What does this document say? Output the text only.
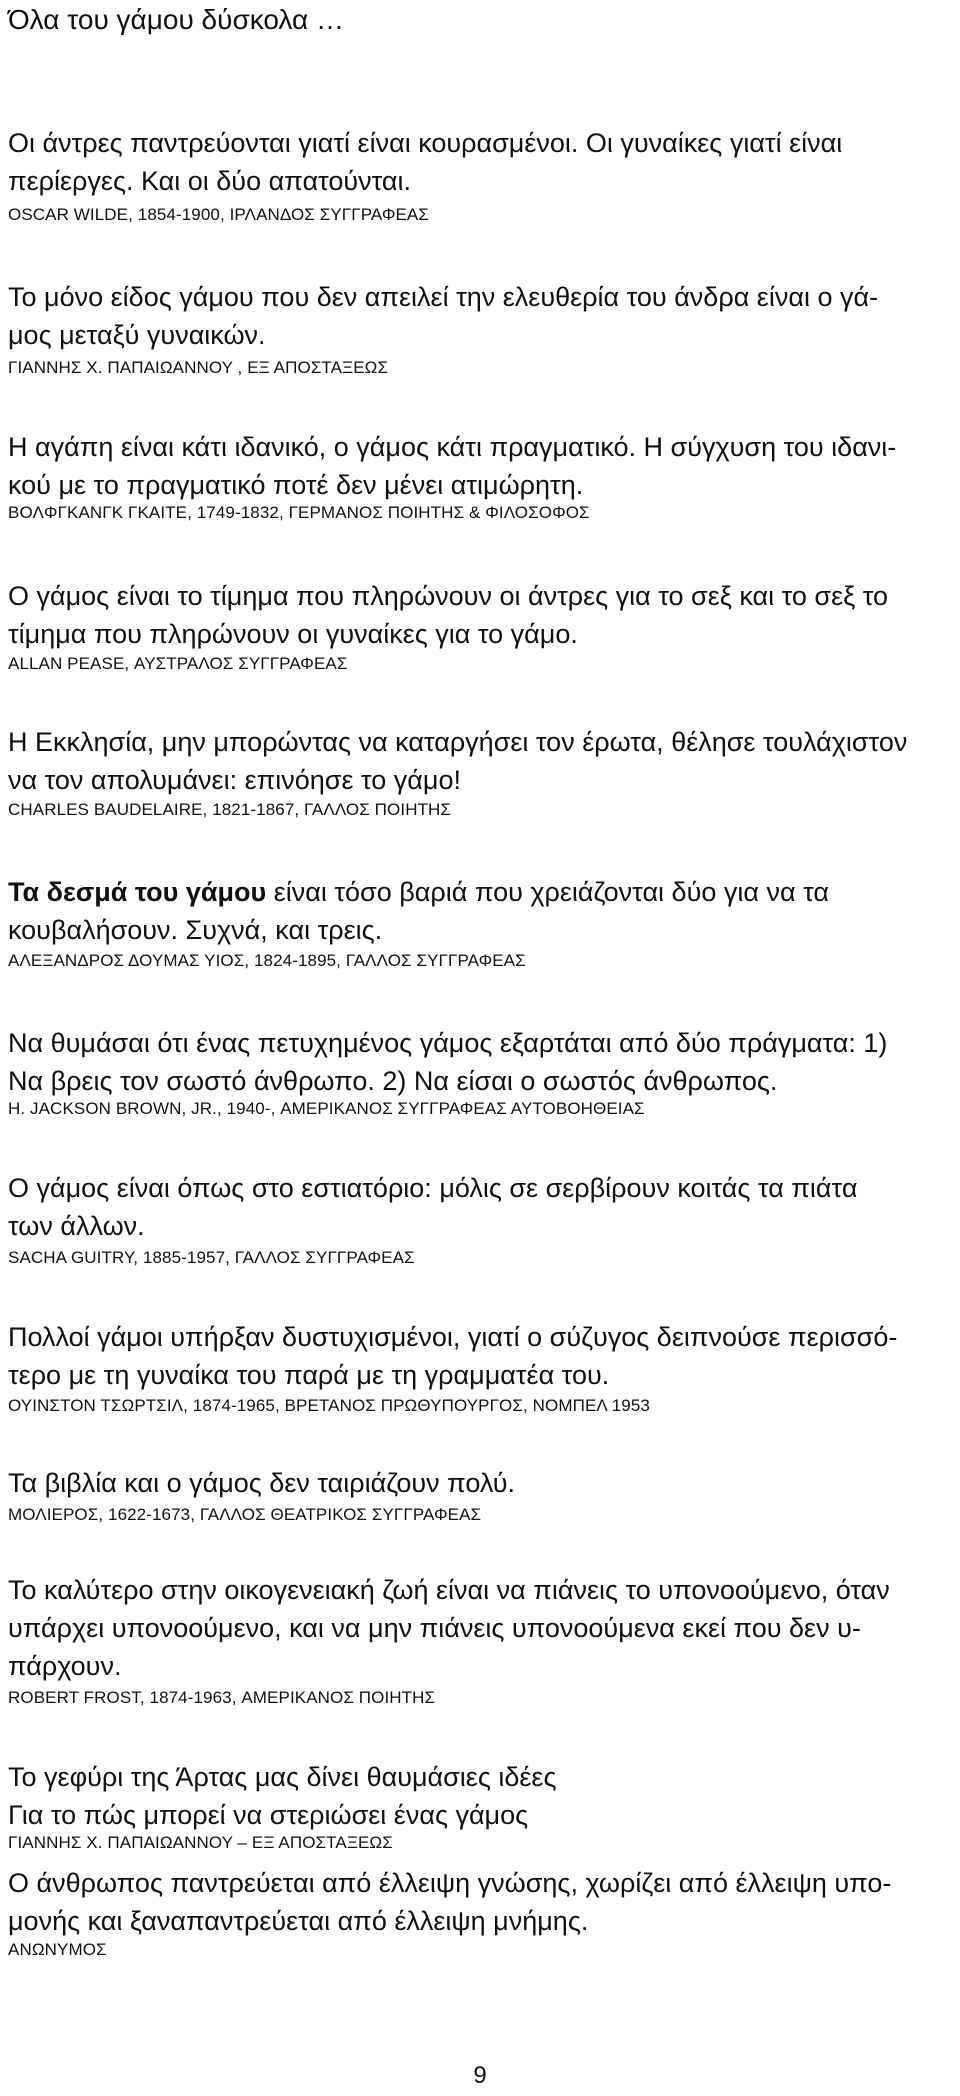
Όλα του γάμου δύσκολα …
Οι άντρες παντρεύονται γιατί είναι κουρασμένοι. Οι γυναίκες γιατί είναι
περίεργες. Και οι δύο απατούνται.
OSCAR WILDE, 1854-1900, ΙΡΛΑΝΔΟΣ ΣΥΓΓΡΑΦΕΑΣ
Το μόνο είδος γάμου που δεν απειλεί την ελευθερία του άνδρα είναι ο γά-
μος μεταξύ γυναικών.
ΓΙΑΝΝΗΣ Χ. ΠΑΠΑΙΩΑΝΝΟΥ , ΕΞ ΑΠΟΣΤΑΞΕΩΣ
Η αγάπη είναι κάτι ιδανικό, ο γάμος κάτι πραγματικό. Η σύγχυση του ιδανι-
κού με το πραγματικό ποτέ δεν μένει ατιμώρητη.
ΒΟΛΦΓΚΑΝΓΚ ΓΚΑΙΤΕ, 1749-1832, ΓΕΡΜΑΝΟΣ ΠΟΙΗΤΗΣ & ΦΙΛΟΣΟΦΟΣ
Ο γάμος είναι το τίμημα που πληρώνουν οι άντρες για το σεξ και το σεξ το
τίμημα που πληρώνουν οι γυναίκες για το γάμο.
ALLAN PEASE, ΑΥΣΤΡΑΛΟΣ ΣΥΓΓΡΑΦΕΑΣ
Η Εκκλησία, μην μπορώντας να καταργήσει τον έρωτα, θέλησε τουλάχιστον
να τον απολυμάνει: επινόησε το γάμο!
CHARLES BAUDELAIRE, 1821-1867, ΓΑΛΛΟΣ ΠΟΙΗΤΗΣ
Τα δεσμά του γάμου είναι τόσο βαριά που χρειάζονται δύο για να τα
κουβαλήσουν. Συχνά, και τρεις.
ΑΛΕΞΑΝΔΡΟΣ ΔΟΥΜΑΣ ΥΙΟΣ, 1824-1895, ΓΑΛΛΟΣ ΣΥΓΓΡΑΦΕΑΣ
Να θυμάσαι ότι ένας πετυχημένος γάμος εξαρτάται από δύο πράγματα: 1)
Να βρεις τον σωστό άνθρωπο. 2) Να είσαι ο σωστός άνθρωπος.
H. JACKSON BROWN, JR., 1940-, ΑΜΕΡΙΚΑΝΟΣ ΣΥΓΓΡΑΦΕΑΣ ΑΥΤΟΒΟΗΘΕΙΑΣ
Ο γάμος είναι όπως στο εστιατόριο: μόλις σε σερβίρουν κοιτάς τα πιάτα
των άλλων.
SACHA GUITRY, 1885-1957, ΓΑΛΛΟΣ ΣΥΓΓΡΑΦΕΑΣ
Πολλοί γάμοι υπήρξαν δυστυχισμένοι, γιατί ο σύζυγος δειπνούσε περισσό-
τερο με τη γυναίκα του παρά με τη γραμματέα του.
ΟΥΙΝΣΤΟΝ ΤΣΩΡΤΣΙΛ, 1874-1965, ΒΡΕΤΑΝΟΣ ΠΡΩΘΥΠΟΥΡΓΟΣ, ΝΟΜΠΕΛ 1953
Τα βιβλία και ο γάμος δεν ταιριάζουν πολύ.
ΜΟΛΙΕΡΟΣ, 1622-1673, ΓΑΛΛΟΣ ΘΕΑΤΡΙΚΟΣ ΣΥΓΓΡΑΦΕΑΣ
Το καλύτερο στην οικογενειακή ζωή είναι να πιάνεις το υπονοούμενο, όταν
υπάρχει υπονοούμενο, και να μην πιάνεις υπονοούμενα εκεί που δεν υ-
πάρχουν.
ROBERT FROST, 1874-1963, ΑΜΕΡΙΚΑΝΟΣ ΠΟΙΗΤΗΣ
Το γεφύρι της Άρτας μας δίνει θαυμάσιες ιδέες
Για το πώς μπορεί να στεριώσει ένας γάμος
ΓΙΑΝΝΗΣ Χ. ΠΑΠΑΙΩΑΝΝΟΥ – ΕΞ ΑΠΟΣΤΑΞΕΩΣ
Ο άνθρωπος παντρεύεται από έλλειψη γνώσης, χωρίζει από έλλειψη υπο-
μονής και ξαναπαντρεύεται από έλλειψη μνήμης.
ΑΝΩΝΥΜΟΣ
9
